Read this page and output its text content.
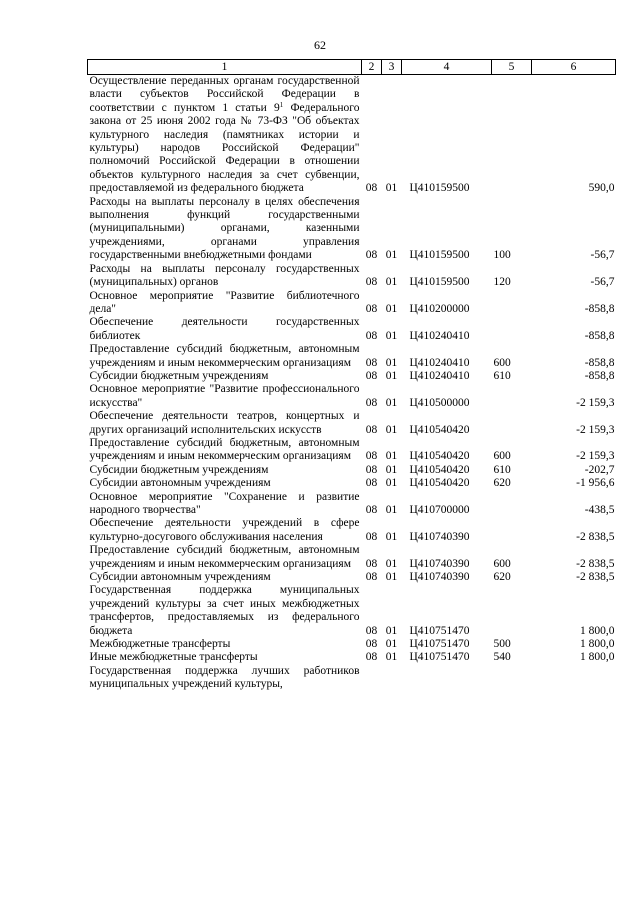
62
1	2	3	4	5	6
Осуществление переданных органам государственной власти субъектов Российской Федерации в соответствии с пунктом 1 статьи $9^1$ Федерального закона от 25 июня 2002 года № 73-ФЗ "Об объектах культурного наследия (памятниках истории и культуры) народов Российской Федерации" полномочий Российской Федерации в отношении объектов культурного наследия за счет субвенции, предоставляемой из федерального бюджета	08	01	Ц410159500		590,0
Расходы на выплаты персоналу в целях обеспечения выполнения функций государственными (муниципальными) органами, казенными учреждениями, органами управления государственными внебюджетными фондами	08	01	Ц410159500	100	-56,7
Расходы на выплаты персоналу государственных (муниципальных) органов	08	01	Ц410159500	120	-56,7
Основное мероприятие "Развитие библиотечного дела"	08	01	Ц410200000		-858,8
Обеспечение деятельности государственных библиотек	08	01	Ц410240410		-858,8
Предоставление субсидий бюджетным, автономным учреждениям и иным некоммерческим организациям	08	01	Ц410240410	600	-858,8
Субсидии бюджетным учреждениям	08	01	Ц410240410	610	-858,8
Основное мероприятие "Развитие профессионального искусства"	08	01	Ц410500000		-2 159,3
Обеспечение деятельности театров, концертных и других организаций исполнительских искусств	08	01	Ц410540420		-2 159,3
Предоставление субсидий бюджетным, автономным учреждениям и иным некоммерческим организациям	08	01	Ц410540420	600	-2 159,3
Субсидии бюджетным учреждениям	08	01	Ц410540420	610	-202,7
Субсидии автономным учреждениям	08	01	Ц410540420	620	-1 956,6
Основное мероприятие "Сохранение и развитие народного творчества"	08	01	Ц410700000		-438,5
Обеспечение деятельности учреждений в сфере культурно-досугового обслуживания населения	08	01	Ц410740390		-2 838,5
Предоставление субсидий бюджетным, автономным учреждениям и иным некоммерческим организациям	08	01	Ц410740390	600	-2 838,5
Субсидии автономным учреждениям	08	01	Ц410740390	620	-2 838,5
Государственная поддержка муниципальных учреждений культуры за счет иных межбюджетных трансфертов, предоставляемых из федерального бюджета	08	01	Ц410751470		1 800,0
Межбюджетные трансферты	08	01	Ц410751470	500	1 800,0
Иные межбюджетные трансферты	08	01	Ц410751470	540	1 800,0
Государственная поддержка лучших работников муниципальных учреждений культуры,					
